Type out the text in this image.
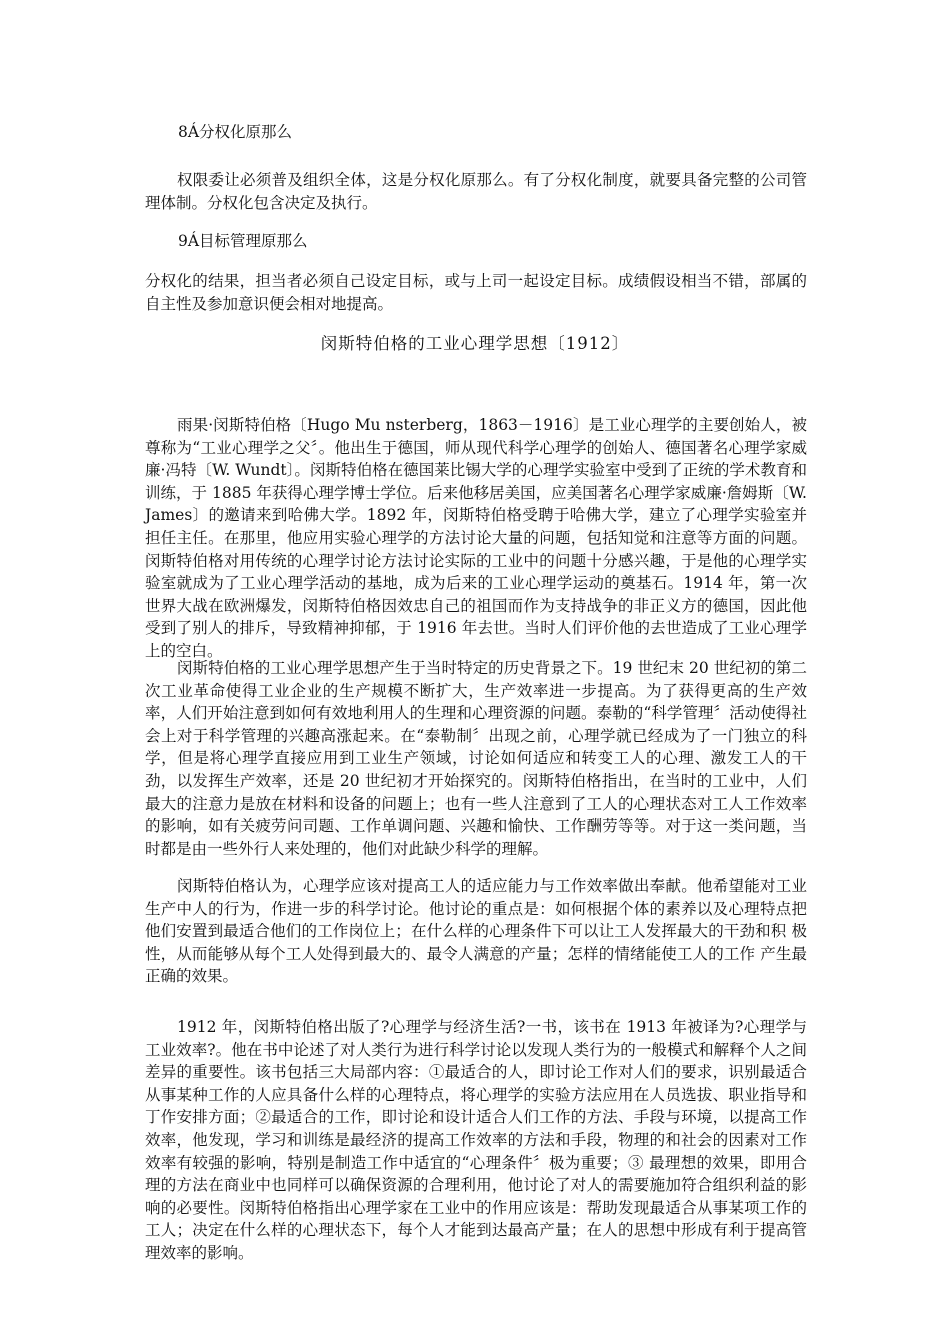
8Á分权化原那么
权限委让必须普及组织全体，这是分权化原那么。有了分权化制度，就要具备完整的公司管理体制。分权化包含决定及执行。
9Á目标管理原那么
分权化的结果，担当者必须自己设定目标，或与上司一起设定目标。成绩假设相当不错，部属的自主性及参加意识便会相对地提高。
闵斯特伯格的工业心理学思想〔1912〕
雨果·闵斯特伯格〔Hugo Mu nsterberg，1863－1916〕是工业心理学的主要创始人，被尊称为“工业心理学之父〞。他出生于德国，师从现代科学心理学的创始人、德国著名心理学家威廉·冯特〔W. Wundt〕。闵斯特伯格在德国莱比锡大学的心理学实验室中受到了正统的学术教育和训练，于 1885 年获得心理学博士学位。后来他移居美国，应美国著名心理学家威廉·詹姆斯〔W. James〕的邀请来到哈佛大学。1892 年，闵斯特伯格受聘于哈佛大学，建立了心理学实验室并担任主任。在那里，他应用实验心理学的方法讨论大量的问题，包括知觉和注意等方面的问题。闵斯特伯格对用传统的心理学讨论方法讨论实际的工业中的问题十分感兴趣，于是他的心理学实验室就成为了工业心理学活动的基地，成为后来的工业心理学运动的奠基石。1914 年，第一次世界大战在欧洲爆发，闵斯特伯格因效忠自己的祖国而作为支持战争的非正义方的德国，因此他受到了别人的排斥，导致精神抑郁，于 1916 年去世。当时人们评价他的去世造成了工业心理学上的空白。
闵斯特伯格的工业心理学思想产生于当时特定的历史背景之下。19 世纪末 20 世纪初的第二次工业革命使得工业企业的生产规模不断扩大，生产效率进一步提高。为了获得更高的生产效率，人们开始注意到如何有效地利用人的生理和心理资源的问题。泰勒的“科学管理〞活动使得社会上对于科学管理的兴趣高涨起来。在“泰勒制〞出现之前，心理学就已经成为了一门独立的科学，但是将心理学直接应用到工业生产领域，讨论如何适应和转变工人的心理、激发工人的干劲，以发挥生产效率，还是 20 世纪初才开始探究的。闵斯特伯格指出，在当时的工业中，人们最大的注意力是放在材料和设备的问题上；也有一些人注意到了工人的心理状态对工人工作效率的影响，如有关疲劳问司题、工作单调问题、兴趣和愉快、工作酬劳等等。对于这一类问题，当时都是由一些外行人来处理的，他们对此缺少科学的理解。
闵斯特伯格认为，心理学应该对提高工人的适应能力与工作效率做出奉献。他希望能对工业 生产中人的行为，作进一步的科学讨论。他讨论的重点是：如何根据个体的素养以及心理特点把他们安置到最适合他们的工作岗位上；在什么样的心理条件下可以让工人发挥最大的干劲和积 极性，从而能够从每个工人处得到最大的、最令人满意的产量；怎样的情绪能使工人的工作 产生最正确的效果。
1912 年，闵斯特伯格出版了?心理学与经济生活?一书，该书在 1913 年被译为?心理学与工业效率?。他在书中论述了对人类行为进行科学讨论以发现人类行为的一般模式和解释个人之间差异的重要性。该书包括三大局部内容：①最适合的人，即讨论工作对人们的要求，识别最适合从事某种工作的人应具备什么样的心理特点，将心理学的实验方法应用在人员选拔、职业指导和丁作安排方面；②最适合的工作，即讨论和设计适合人们工作的方法、手段与环境，以提高工作效率，他发现，学习和训练是最经济的提高工作效率的方法和手段，物理的和社会的因素对工作效率有较强的影响，特别是制造工作中适宜的“心理条件〞极为重要；③ 最理想的效果，即用合理的方法在商业中也同样可以确保资源的合理利用，他讨论了对人的需要施加符合组织利益的影响的必要性。闵斯特伯格指出心理学家在工业中的作用应该是：帮助发现最适合从事某项工作的工人；决定在什么样的心理状态下，每个人才能到达最高产量；在人的思想中形成有利于提高管理效率的影响。
